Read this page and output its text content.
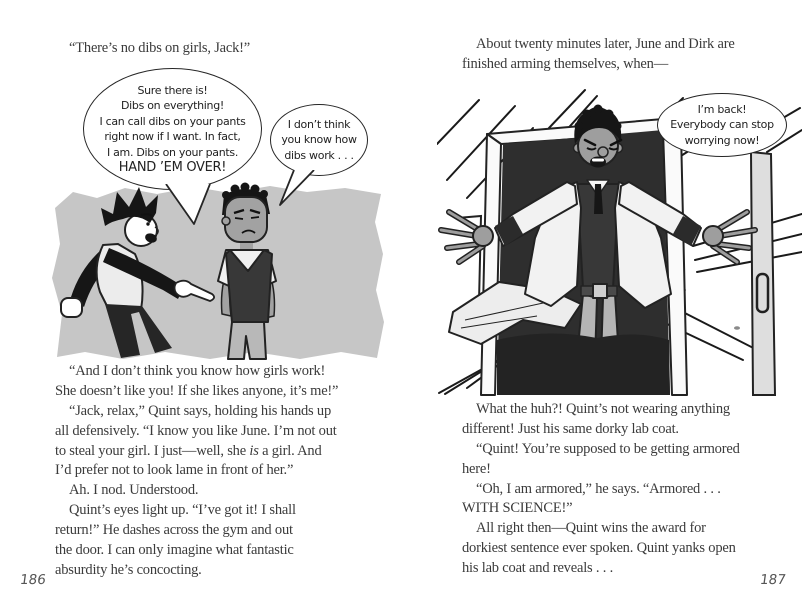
“There’s no dibs on girls, Jack!”
Sure there is!
Dibs on everything!
I can call dibs on your pants
right now if I want. In fact,
I am. Dibs on your pants.
HAND ’EM OVER!
I don’t think
you know how
dibs work . . .
“And I don’t think you know how girls work!
She doesn’t like you! If she likes anyone, it’s me!”
“Jack, relax,” Quint says, holding his hands up
all defensively. “I know you like June. I’m not out
to steal your girl. I just—well, she is a girl. And
I’d prefer not to look lame in front of her.”
Ah. I nod. Understood.
Quint’s eyes light up. “I’ve got it! I shall
return!” He dashes across the gym and out
the door. I can only imagine what fantastic
absurdity he’s concocting.
186
About twenty minutes later, June and Dirk are
finished arming themselves, when—
I’m back!
Everybody can stop
worrying now!
What the huh?! Quint’s not wearing anything
different! Just his same dorky lab coat.
“Quint! You’re supposed to be getting armored
here!
“Oh, I am armored,” he says. “Armored . . .
WITH SCIENCE!”
All right then—Quint wins the award for
dorkiest sentence ever spoken. Quint yanks open
his lab coat and reveals . . .
187
